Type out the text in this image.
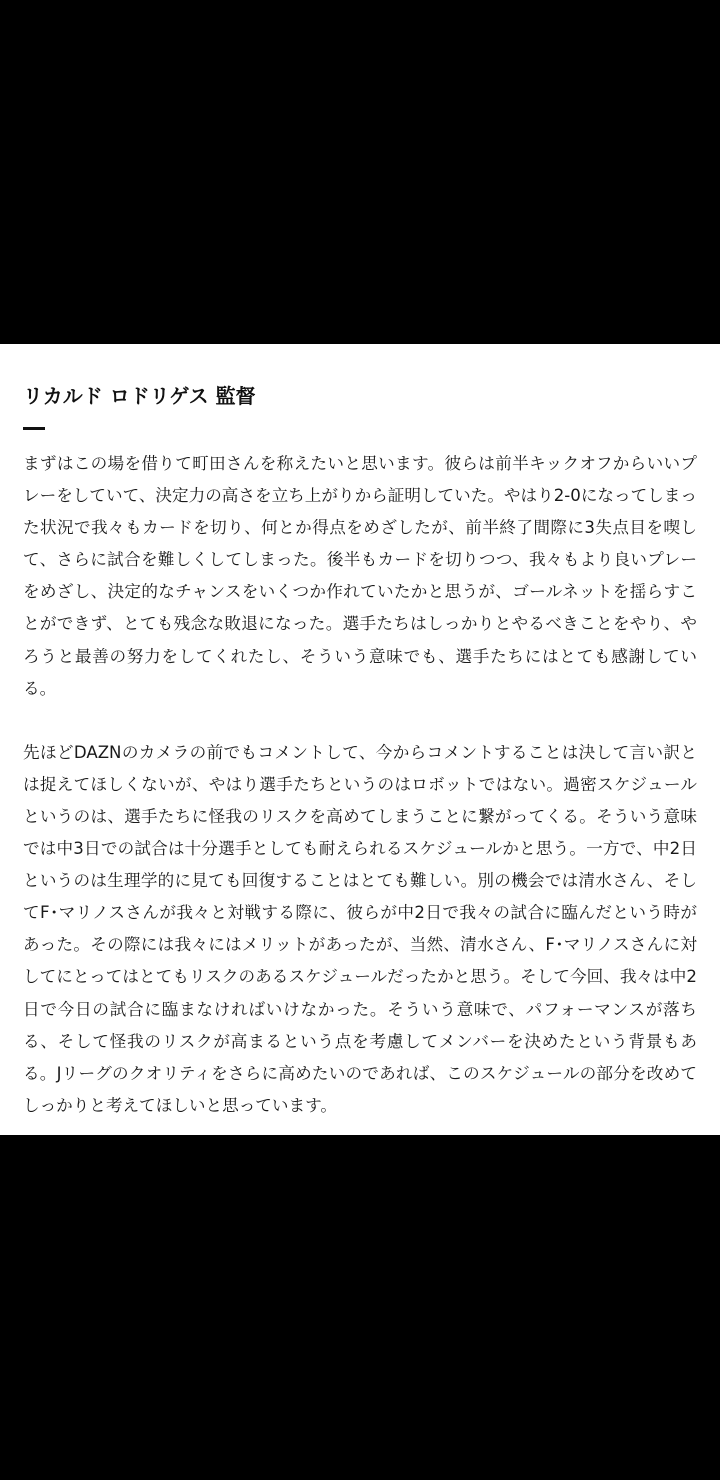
リカルド ロドリゲス 監督

まずはこの場を借りて町田さんを称えたいと思います。彼らは前半キックオフからいいプレーをしていて、決定力の高さを立ち上がりから証明していた。やはり2-0になってしまった状況で我々もカードを切り、何とか得点をめざしたが、前半終了間際に3失点目を喫して、さらに試合を難しくしてしまった。後半もカードを切りつつ、我々もより良いプレーをめざし、決定的なチャンスをいくつか作れていたかと思うが、ゴールネットを揺らすことができず、とても残念な敗退になった。選手たちはしっかりとやるべきことをやり、やろうと最善の努力をしてくれたし、そういう意味でも、選手たちにはとても感謝している。

先ほどDAZNのカメラの前でもコメントして、今からコメントすることは決して言い訳とは捉えてほしくないが、やはり選手たちというのはロボットではない。過密スケジュールというのは、選手たちに怪我のリスクを高めてしまうことに繋がってくる。そういう意味では中3日での試合は十分選手としても耐えられるスケジュールかと思う。一方で、中2日というのは生理学的に見ても回復することはとても難しい。別の機会では清水さん、そしてF･マリノスさんが我々と対戦する際に、彼らが中2日で我々の試合に臨んだという時があった。その際には我々にはメリットがあったが、当然、清水さん、F･マリノスさんに対してにとってはとてもリスクのあるスケジュールだったかと思う。そして今回、我々は中2日で今日の試合に臨まなければいけなかった。そういう意味で、パフォーマンスが落ちる、そして怪我のリスクが高まるという点を考慮してメンバーを決めたという背景もある。Jリーグのクオリティをさらに高めたいのであれば、このスケジュールの部分を改めてしっかりと考えてほしいと思っています。
